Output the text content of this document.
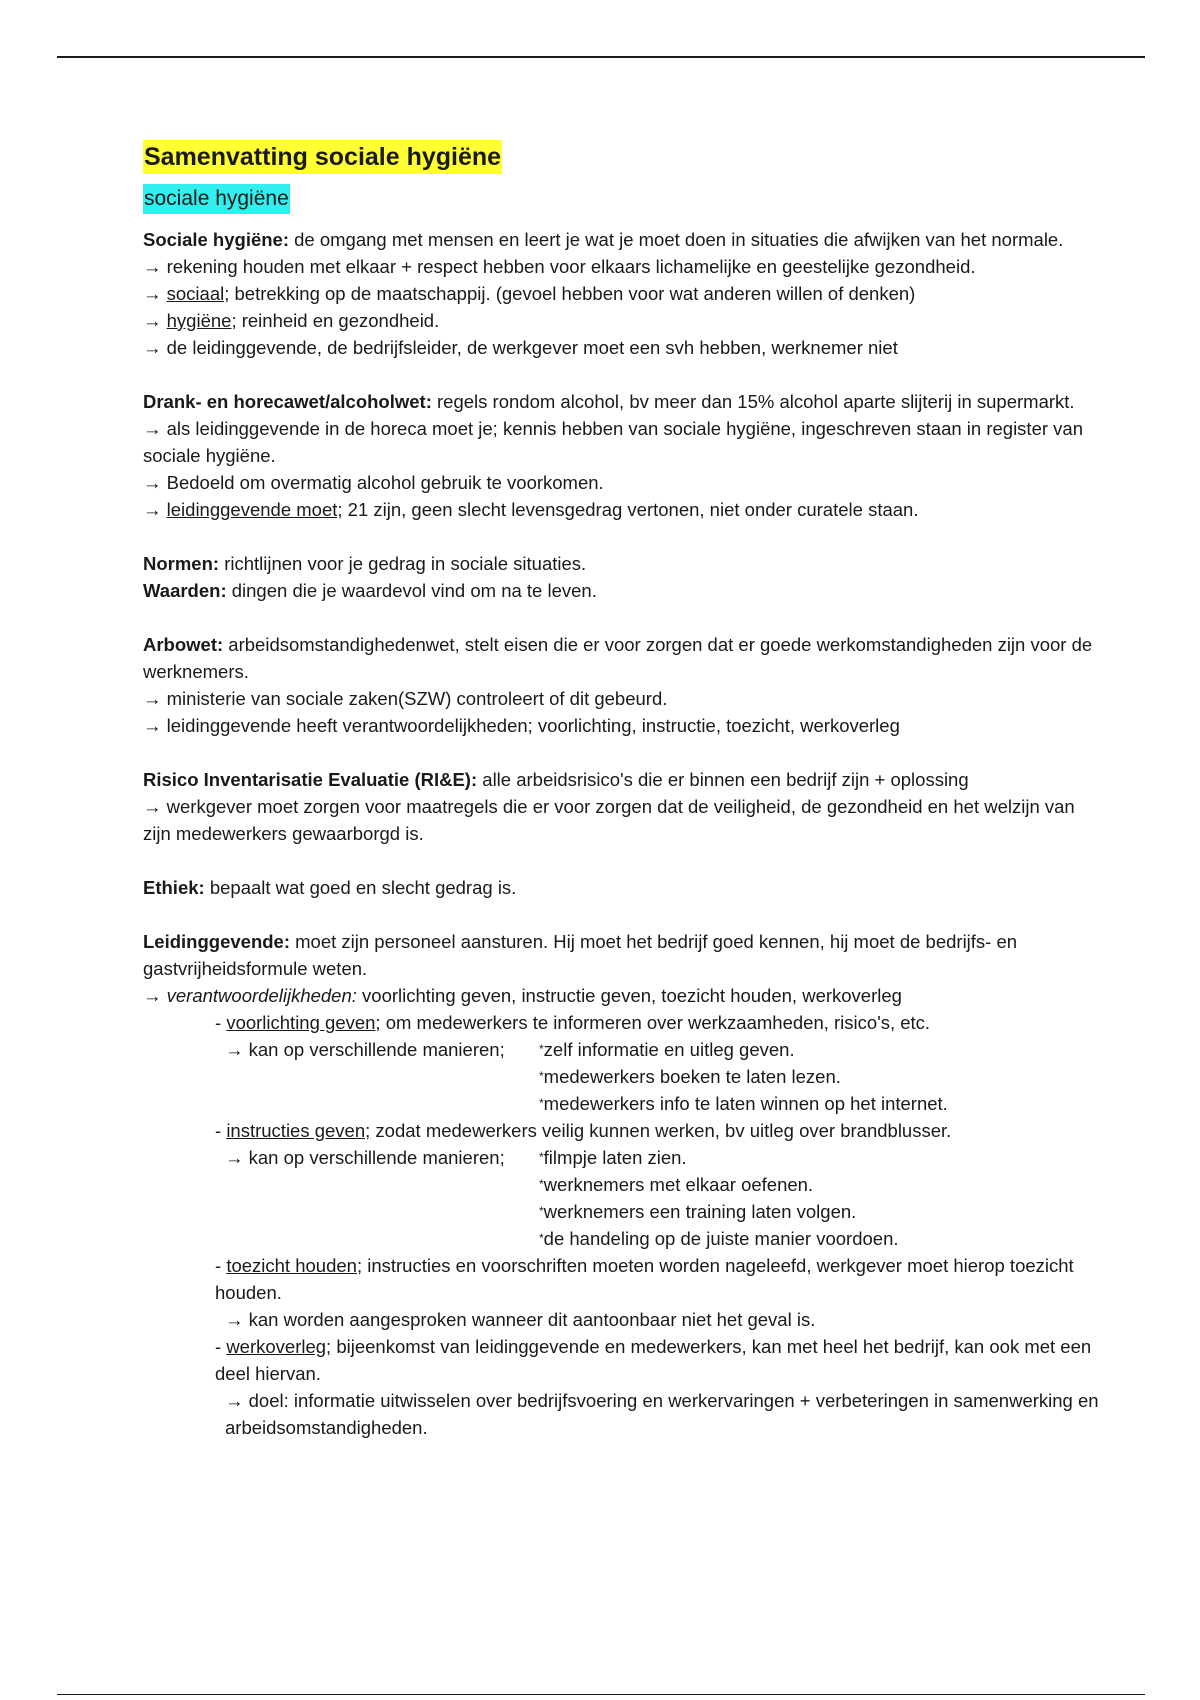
Samenvatting sociale hygiëne
sociale hygiëne

Sociale hygiëne: de omgang met mensen en leert je wat je moet doen in situaties die afwijken van het normale.

→ rekening houden met elkaar + respect hebben voor elkaars lichamelijke en geestelijke gezondheid.

→ sociaal; betrekking op de maatschappij. (gevoel hebben voor wat anderen willen of denken)

→ hygiëne; reinheid en gezondheid.

→ de leidinggevende, de bedrijfsleider, de werkgever moet een svh hebben, werknemer niet

Drank- en horecawet/alcoholwet: regels rondom alcohol, bv meer dan 15% alcohol aparte slijterij in supermarkt.

→ als leidinggevende in de horeca moet je; kennis hebben van sociale hygiëne, ingeschreven staan in register van sociale hygiëne.

→ Bedoeld om overmatig alcohol gebruik te voorkomen.

→ leidinggevende moet; 21 zijn, geen slecht levensgedrag vertonen, niet onder curatele staan.

Normen: richtlijnen voor je gedrag in sociale situaties.

Waarden: dingen die je waardevol vind om na te leven.

Arbowet: arbeidsomstandighedenwet, stelt eisen die er voor zorgen dat er goede werkomstandigheden zijn voor de werknemers.

→ ministerie van sociale zaken(SZW) controleert of dit gebeurd.

→ leidinggevende heeft verantwoordelijkheden; voorlichting, instructie, toezicht, werkoverleg

Risico Inventarisatie Evaluatie (RI&E): alle arbeidsrisico's die er binnen een bedrijf zijn + oplossing

→ werkgever moet zorgen voor maatregels die er voor zorgen dat de veiligheid, de gezondheid en het welzijn van zijn medewerkers gewaarborgd is.

Ethiek: bepaalt wat goed en slecht gedrag is.

Leidinggevende: moet zijn personeel aansturen. Hij moet het bedrijf goed kennen, hij moet de bedrijfs- en gastvrijheidsformule weten.

→ verantwoordelijkheden: voorlichting geven, instructie geven, toezicht houden, werkoverleg

- voorlichting geven; om medewerkers te informeren over werkzaamheden, risico's, etc.

→ kan op verschillende manieren;	* zelf informatie en uitleg geven.
* medewerkers boeken te laten lezen.
* medewerkers info te laten winnen op het internet.

- instructies geven; zodat medewerkers veilig kunnen werken, bv uitleg over brandblusser.

→ kan op verschillende manieren;	* filmpje laten zien.
* werknemers met elkaar oefenen.
* werknemers een training laten volgen.
* de handeling op de juiste manier voordoen.

- toezicht houden; instructies en voorschriften moeten worden nageleefd, werkgever moet hierop toezicht houden.

→ kan worden aangesproken wanneer dit aantoonbaar niet het geval is.

- werkoverleg; bijeenkomst van leidinggevende en medewerkers, kan met heel het bedrijf, kan ook met een deel hiervan.

→ doel: informatie uitwisselen over bedrijfsvoering en werkervaringen + verbeteringen in samenwerking en arbeidsomstandigheden.
